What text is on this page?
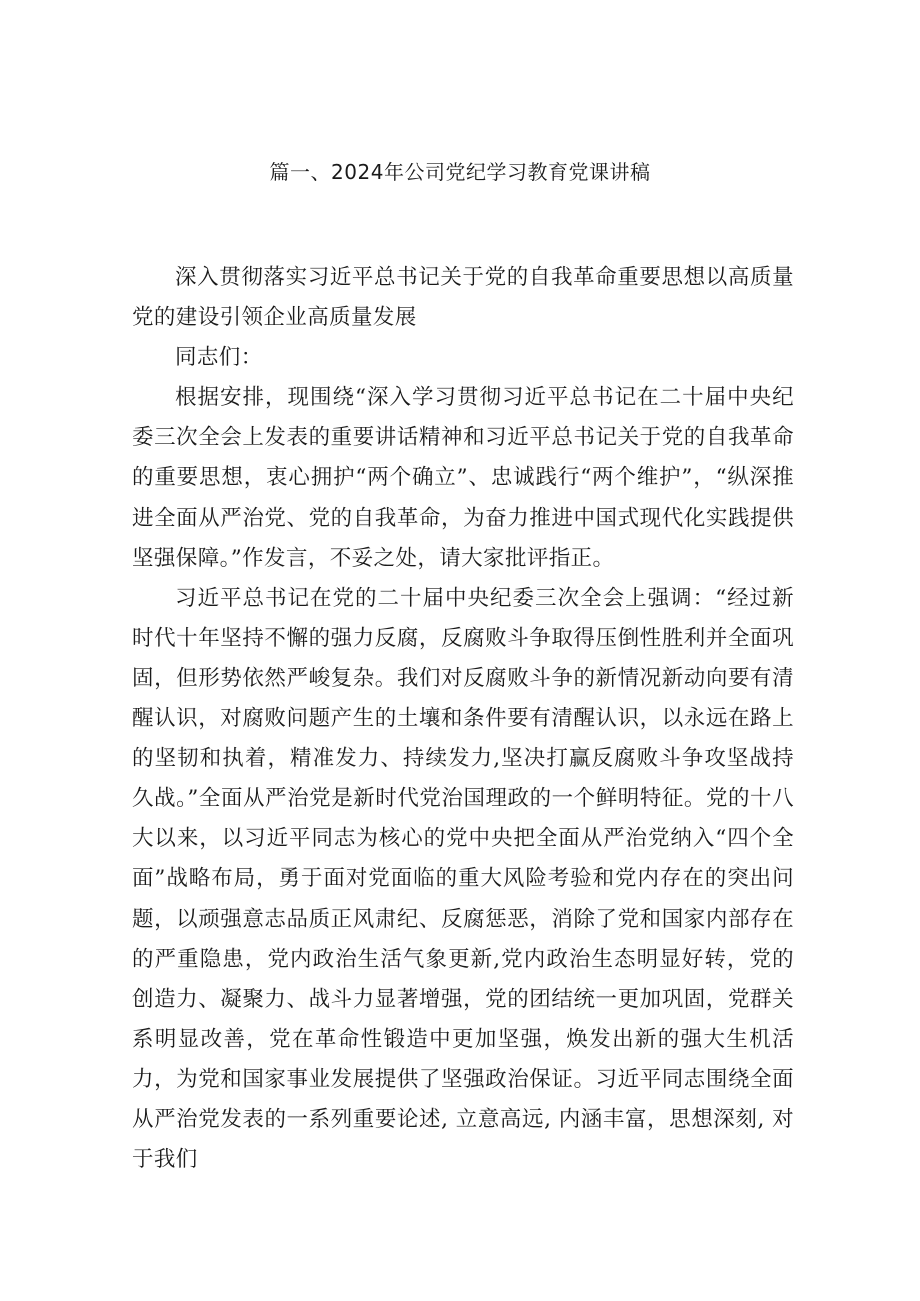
篇一、2024年公司党纪学习教育党课讲稿

深入贯彻落实习近平总书记关于党的自我革命重要思想以高质量党的建设引领企业高质量发展

同志们：

根据安排，现围绕“深入学习贯彻习近平总书记在二十届中央纪委三次全会上发表的重要讲话精神和习近平总书记关于党的自我革命的重要思想，衷心拥护“两个确立”、忠诚践行“两个维护”，“纵深推进全面从严治党、党的自我革命，为奋力推进中国式现代化实践提供坚强保障。”作发言，不妥之处，请大家批评指正。

习近平总书记在党的二十届中央纪委三次全会上强调：“经过新时代十年坚持不懈的强力反腐，反腐败斗争取得压倒性胜利并全面巩固，但形势依然严峻复杂。我们对反腐败斗争的新情况新动向要有清醒认识，对腐败问题产生的土壤和条件要有清醒认识，以永远在路上的坚韧和执着，精准发力、持续发力,坚决打赢反腐败斗争攻坚战持久战。”全面从严治党是新时代党治国理政的一个鲜明特征。党的十八大以来，以习近平同志为核心的党中央把全面从严治党纳入“四个全面”战略布局，勇于面对党面临的重大风险考验和党内存在的突出问题，以顽强意志品质正风肃纪、反腐惩恶，消除了党和国家内部存在的严重隐患，党内政治生活气象更新,党内政治生态明显好转，党的创造力、凝聚力、战斗力显著增强，党的团结统一更加巩固，党群关系明显改善，党在革命性锻造中更加坚强，焕发出新的强大生机活力，为党和国家事业发展提供了坚强政治保证。习近平同志围绕全面从严治党发表的一系列重要论述, 立意高远, 内涵丰富，思想深刻, 对于我们
